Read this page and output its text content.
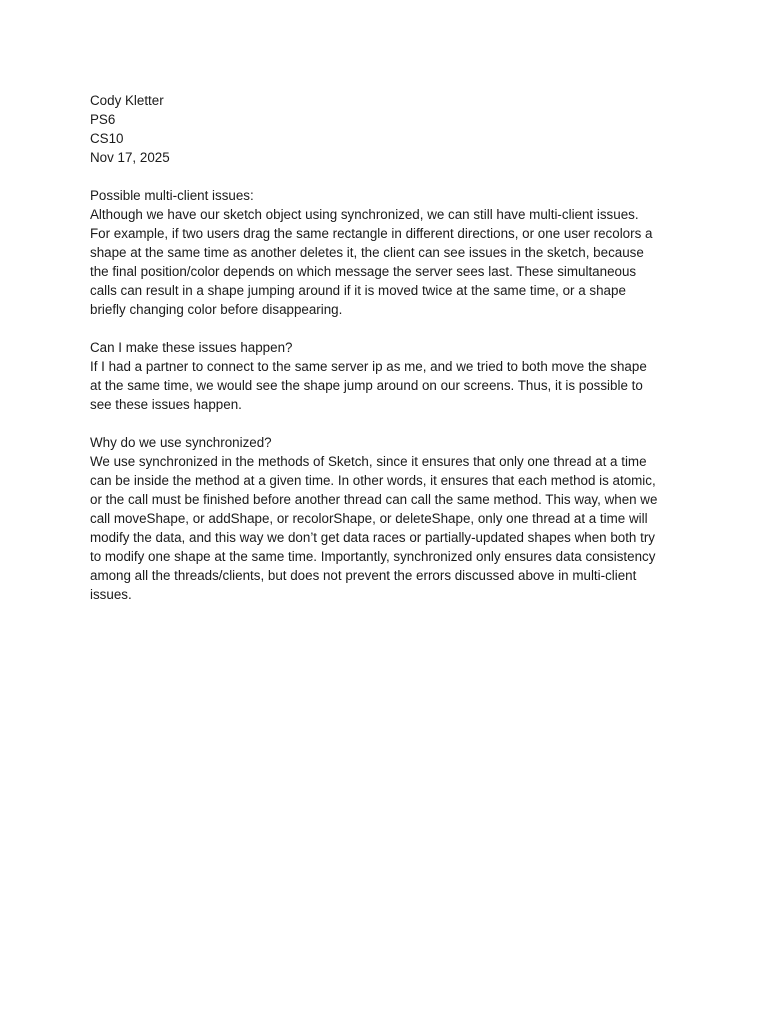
Cody Kletter
PS6
CS10
Nov 17, 2025
Possible multi-client issues:
Although we have our sketch object using synchronized, we can still have multi-client issues.
For example, if two users drag the same rectangle in different directions, or one user recolors a
shape at the same time as another deletes it, the client can see issues in the sketch, because
the final position/color depends on which message the server sees last. These simultaneous
calls can result in a shape jumping around if it is moved twice at the same time, or a shape
briefly changing color before disappearing.
Can I make these issues happen?
If I had a partner to connect to the same server ip as me, and we tried to both move the shape
at the same time, we would see the shape jump around on our screens. Thus, it is possible to
see these issues happen.
Why do we use synchronized?
We use synchronized in the methods of Sketch, since it ensures that only one thread at a time
can be inside the method at a given time. In other words, it ensures that each method is atomic,
or the call must be finished before another thread can call the same method. This way, when we
call moveShape, or addShape, or recolorShape, or deleteShape, only one thread at a time will
modify the data, and this way we don’t get data races or partially-updated shapes when both try
to modify one shape at the same time. Importantly, synchronized only ensures data consistency
among all the threads/clients, but does not prevent the errors discussed above in multi-client
issues.
